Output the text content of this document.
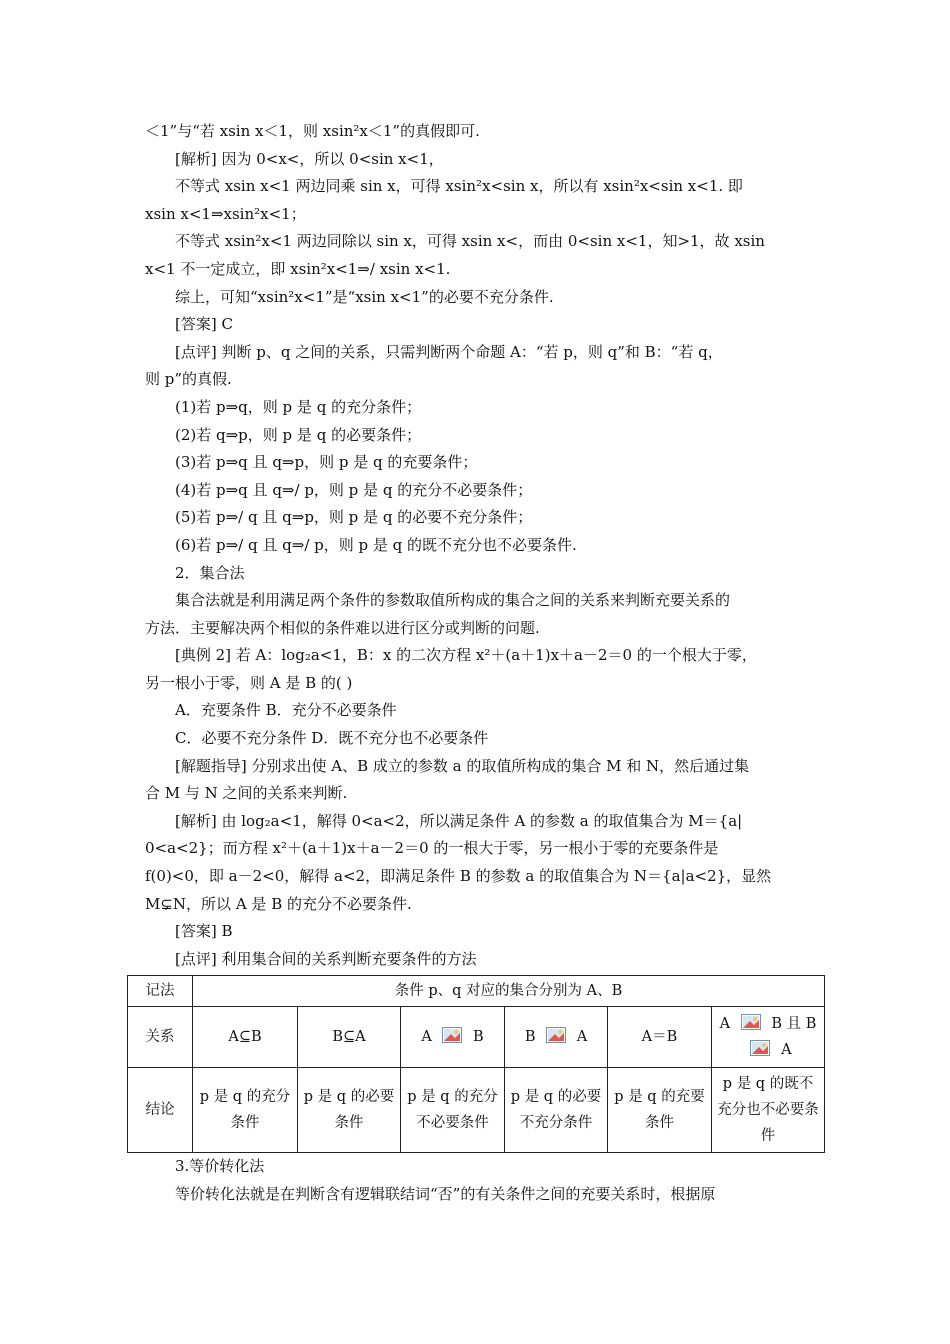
＜1”与“若 xsin x＜1，则 xsin²x＜1”的真假即可.
[解析] 因为 0<x<，所以 0<sin x<1，
不等式 xsin x<1 两边同乘 sin x，可得 xsin²x<sin x，所以有 xsin²x<sin x<1. 即
xsin x<1⇒xsin²x<1；
不等式 xsin²x<1 两边同除以 sin x，可得 xsin x<，而由 0<sin x<1，知>1，故 xsin
x<1 不一定成立，即 xsin²x<1⇒/ xsin x<1.
综上，可知“xsin²x<1”是“xsin x<1”的必要不充分条件.
[答案] C
[点评] 判断 p、q 之间的关系，只需判断两个命题 A：“若 p，则 q”和 B：“若 q，
则 p”的真假.
(1)若 p⇒q，则 p 是 q 的充分条件；
(2)若 q⇒p，则 p 是 q 的必要条件；
(3)若 p⇒q 且 q⇒p，则 p 是 q 的充要条件；
(4)若 p⇒q 且 q⇒/ p，则 p 是 q 的充分不必要条件；
(5)若 p⇒/ q 且 q⇒p，则 p 是 q 的必要不充分条件；
(6)若 p⇒/ q 且 q⇒/ p，则 p 是 q 的既不充分也不必要条件.
2．集合法
集合法就是利用满足两个条件的参数取值所构成的集合之间的关系来判断充要关系的
方法．主要解决两个相似的条件难以进行区分或判断的问题.
[典例 2] 若 A：log₂a<1，B：x 的二次方程 x²＋(a＋1)x＋a－2＝0 的一个根大于零，
另一根小于零，则 A 是 B 的( )
A．充要条件 B．充分不必要条件
C．必要不充分条件 D．既不充分也不必要条件
[解题指导] 分别求出使 A、B 成立的参数 a 的取值所构成的集合 M 和 N，然后通过集
合 M 与 N 之间的关系来判断.
[解析] 由 log₂a<1，解得 0<a<2，所以满足条件 A 的参数 a 的取值集合为 M＝{a|
0<a<2}；而方程 x²＋(a＋1)x＋a－2＝0 的一根大于零，另一根小于零的充要条件是
f(0)<0，即 a－2<0，解得 a<2，即满足条件 B 的参数 a 的取值集合为 N＝{a|a<2}，显然
M⊊N，所以 A 是 B 的充分不必要条件.
[答案] B
[点评] 利用集合间的关系判断充要条件的方法
记法	条件 p、q 对应的集合分别为 A、B					
关系	A⊆B	B⊆A	A B	B A	A＝B	A B 且 B
A
结论	p 是 q 的充分条件	p 是 q 的必要条件	p 是 q 的充分不必要条件	p 是 q 的必要不充分条件	p 是 q 的充要条件	p 是 q 的既不充分也不必要条件
3.等价转化法
等价转化法就是在判断含有逻辑联结词“否”的有关条件之间的充要关系时，根据原
